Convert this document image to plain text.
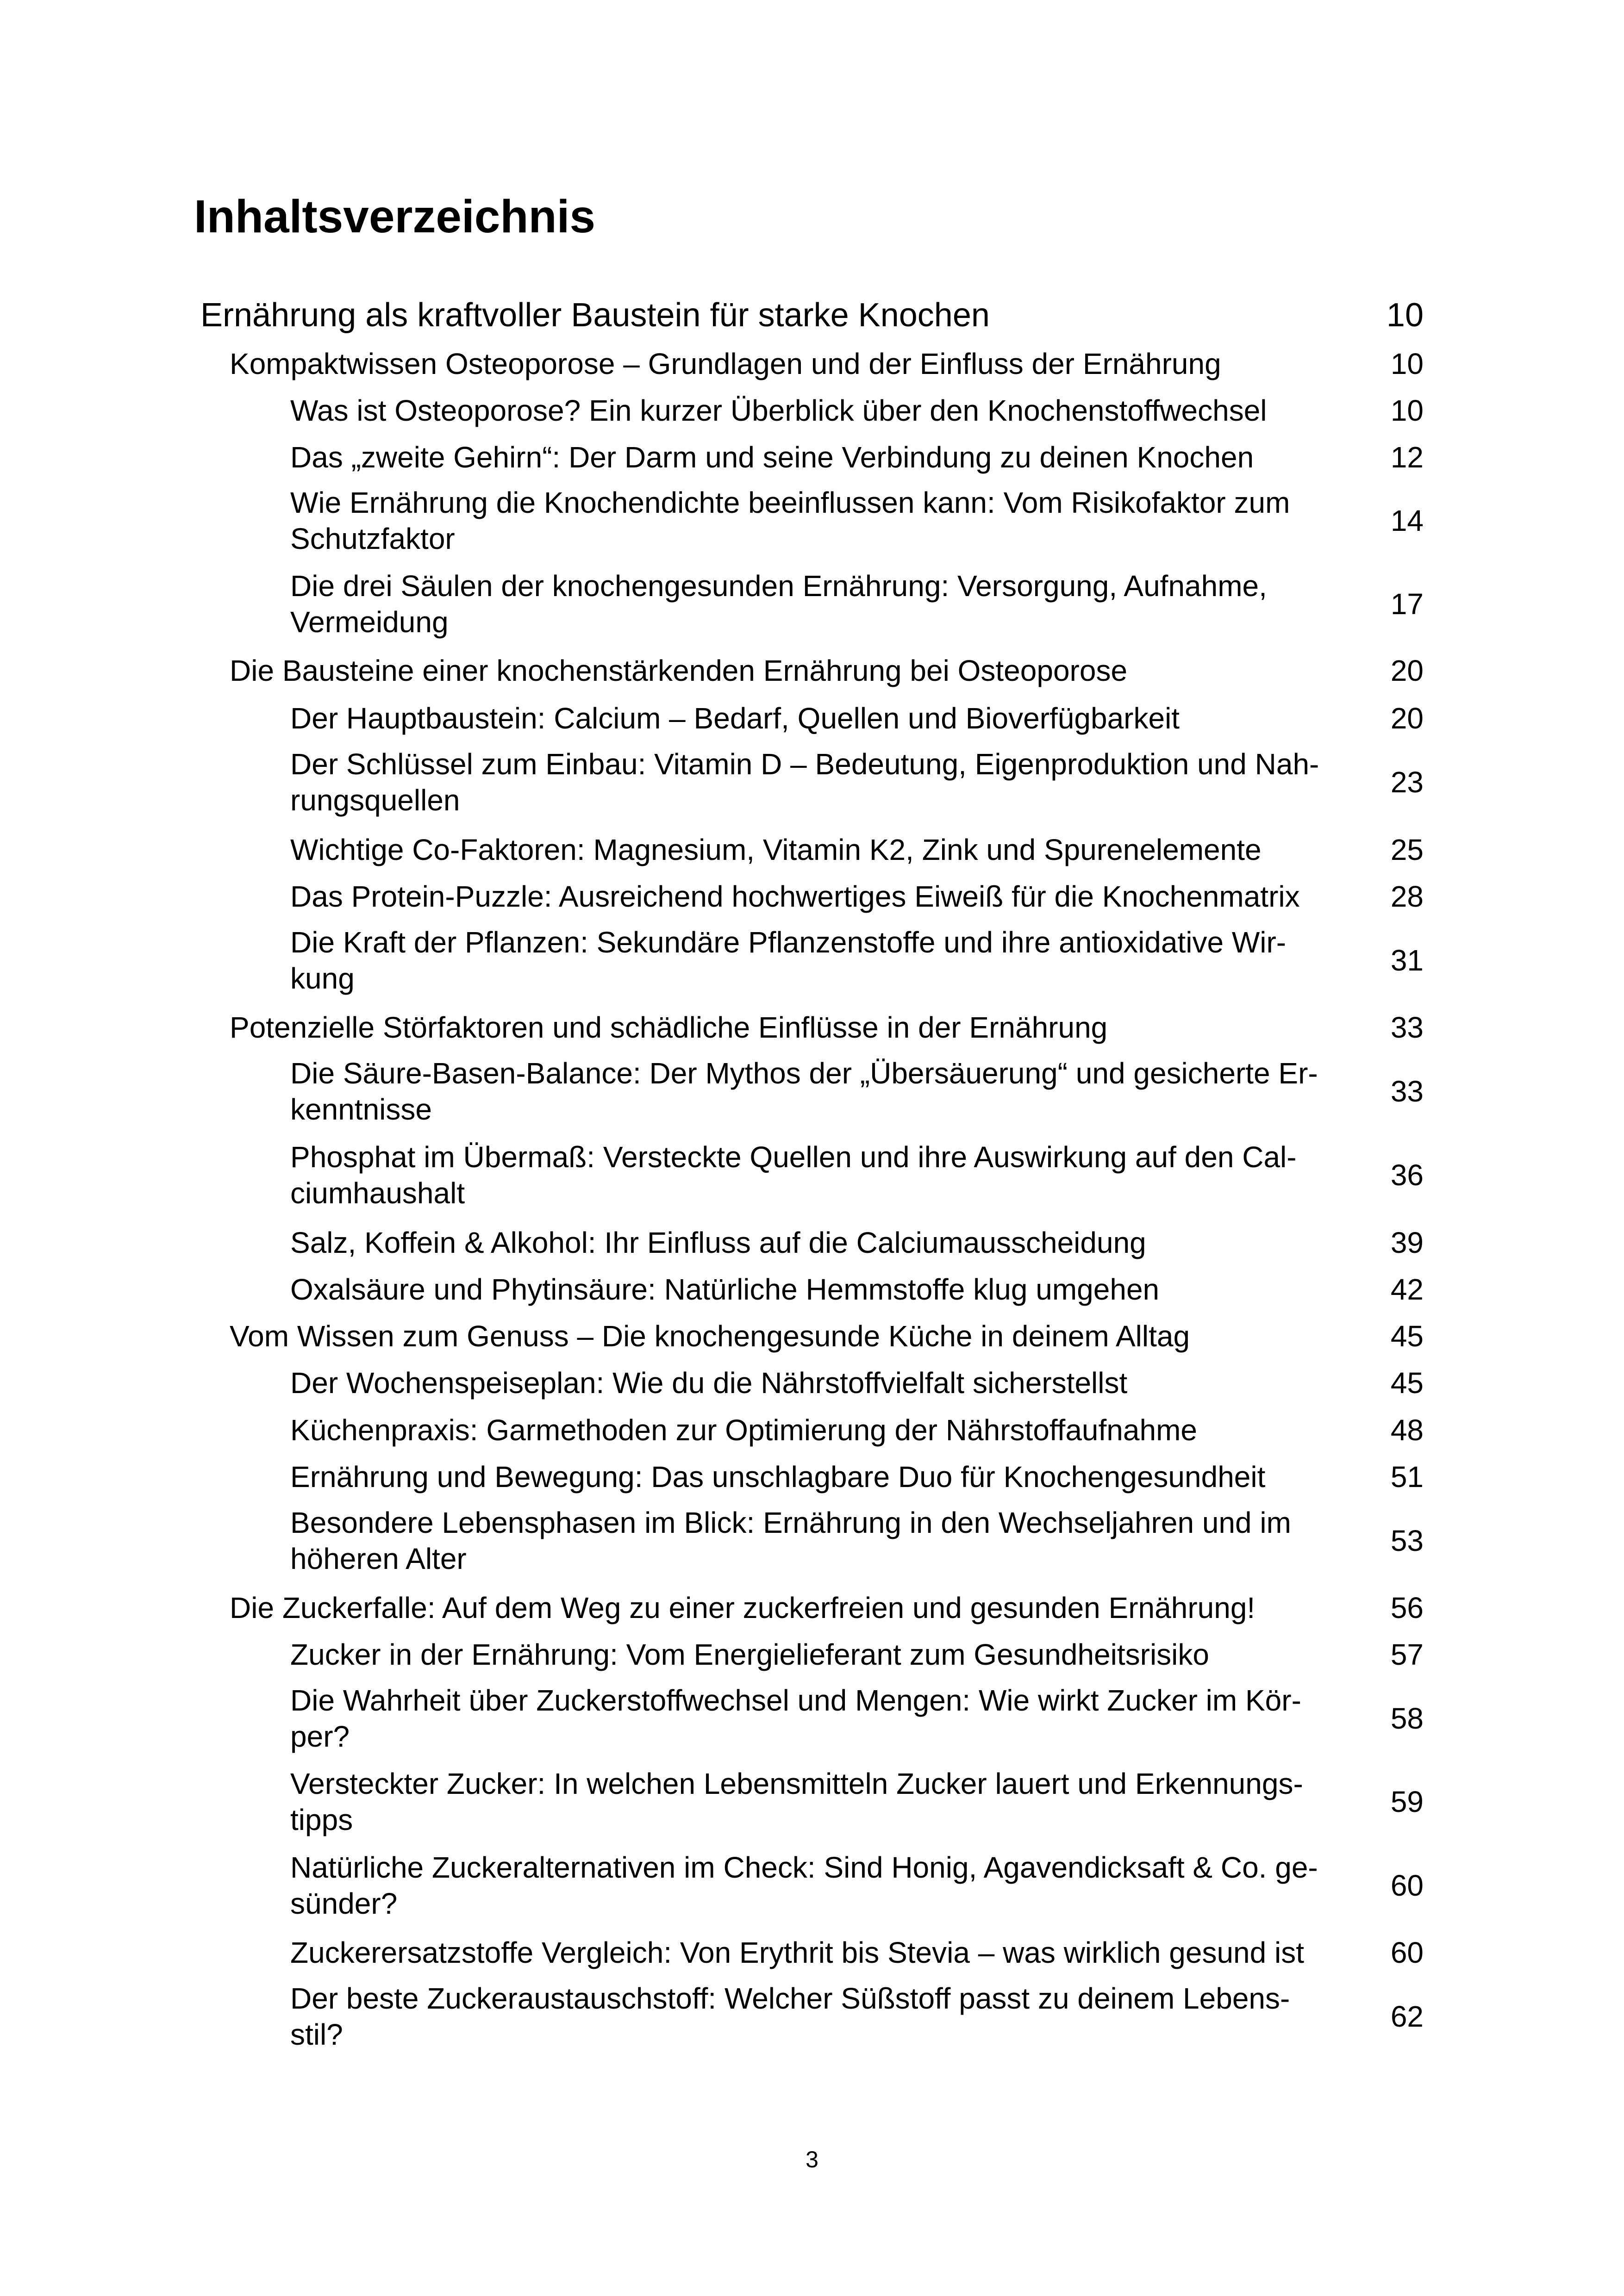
Inhaltsverzeichnis
Ernährung als kraftvoller Baustein für starke Knochen	10
Kompaktwissen Osteoporose – Grundlagen und der Einfluss der Ernährung	10
Was ist Osteoporose? Ein kurzer Überblick über den Knochenstoffwechsel	10
Das „zweite Gehirn“: Der Darm und seine Verbindung zu deinen Knochen	12
Wie Ernährung die Knochendichte beeinflussen kann: Vom Risikofaktor zum
Schutzfaktor
14
Die drei Säulen der knochengesunden Ernährung: Versorgung, Aufnahme,
Vermeidung
17
Die Bausteine einer knochenstärkenden Ernährung bei Osteoporose	20
Der Hauptbaustein: Calcium – Bedarf, Quellen und Bioverfügbarkeit	20
Der Schlüssel zum Einbau: Vitamin D – Bedeutung, Eigenproduktion und Nah-
rungsquellen
23
Wichtige Co-Faktoren: Magnesium, Vitamin K2, Zink und Spurenelemente	25
Das Protein-Puzzle: Ausreichend hochwertiges Eiweiß für die Knochenmatrix	28
Die Kraft der Pflanzen: Sekundäre Pflanzenstoffe und ihre antioxidative Wir-
kung
31
Potenzielle Störfaktoren und schädliche Einflüsse in der Ernährung	33
Die Säure-Basen-Balance: Der Mythos der „Übersäuerung“ und gesicherte Er-
kenntnisse
33
Phosphat im Übermaß: Versteckte Quellen und ihre Auswirkung auf den Cal-
ciumhaushalt
36
Salz, Koffein & Alkohol: Ihr Einfluss auf die Calciumausscheidung	39
Oxalsäure und Phytinsäure: Natürliche Hemmstoffe klug umgehen	42
Vom Wissen zum Genuss – Die knochengesunde Küche in deinem Alltag	45
Der Wochenspeiseplan: Wie du die Nährstoffvielfalt sicherstellst	45
Küchenpraxis: Garmethoden zur Optimierung der Nährstoffaufnahme	48
Ernährung und Bewegung: Das unschlagbare Duo für Knochengesundheit	51
Besondere Lebensphasen im Blick: Ernährung in den Wechseljahren und im
höheren Alter
53
Die Zuckerfalle: Auf dem Weg zu einer zuckerfreien und gesunden Ernährung!	56
Zucker in der Ernährung: Vom Energielieferant zum Gesundheitsrisiko	57
Die Wahrheit über Zuckerstoffwechsel und Mengen: Wie wirkt Zucker im Kör-
per?
58
Versteckter Zucker: In welchen Lebensmitteln Zucker lauert und Erkennungs-
tipps
59
Natürliche Zuckeralternativen im Check: Sind Honig, Agavendicksaft & Co. ge-
sünder?
60
Zuckerersatzstoffe Vergleich: Von Erythrit bis Stevia – was wirklich gesund ist	60
Der beste Zuckeraustauschstoff: Welcher Süßstoff passt zu deinem Lebens-
stil?
62
3
